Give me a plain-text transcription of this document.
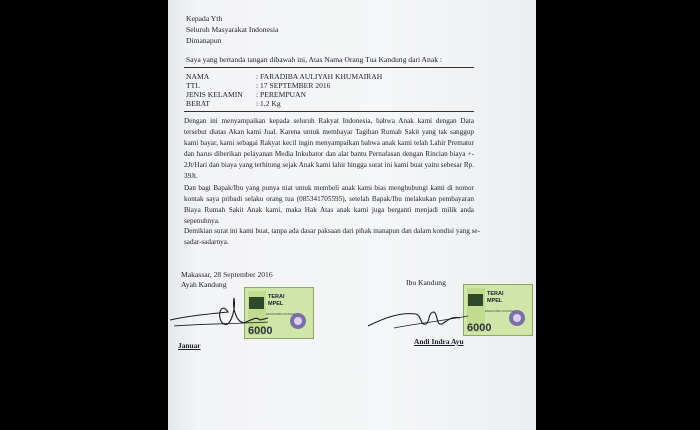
Kepada Yth
Seluruh Masyarakat Indonesia
Dimanapun
Saya yang bertanda tangan dibawah ini, Atas Nama Orang Tua Kandung dari Anak :
NAMA	: FARADIBA AULIYAH KHUMAIRAH
TTL	: 17 SEPTEMBER 2016
JENIS KELAMIN : PEREMPUAN
BERAT	: 1,2 Kg
Dengan ini menyampaikan kepada seluruh Rakyat Indonesia, bahwa Anak kami dengan Data tersebut diatas Akan kami Jual. Karena untuk membayar Tagihan Rumah Sakit yang tak sanggup kami bayar, kami sebagai Rakyat kecil ingin menyampaikan bahwa anak kami telah Lahir Prematur dan harus diberikan pelayanan Media Inkubator dan alat bantu Pernafasan dengan Rincian biaya +- 2Jt/Hari dan biaya yang terhitung sejak Anak kami lahir hingga surat ini kami buat yaitu sebesar Rp. 39Jt.
Dan bagi Bapak/Ibu yang punya niat untuk membeli anak kami bias menghubungi kami di nomor kontak saya pribadi selaku orang tua (085341705595), setelah Bapak/Ibu melakukan pembayaran Biaya Rumah Sakit Anak kami, maka Hak Atas anak kami juga berganti menjadi milik anda sepenuhnya.
Demikian surat ini kami buat, tanpa ada dasar paksaan dari pihak manapun dan dalam kondisi yang se-sadar-sadarnya.
Makassar, 28 September 2016
Ayah Kandung	Ibu Kandung
TERAI
MPEL
ENAM RIBU RUPIAH
6000
TERAI
MPEL
ENAM RIBU RUPIAH
6000
Januar	Andi Indra Ayu
